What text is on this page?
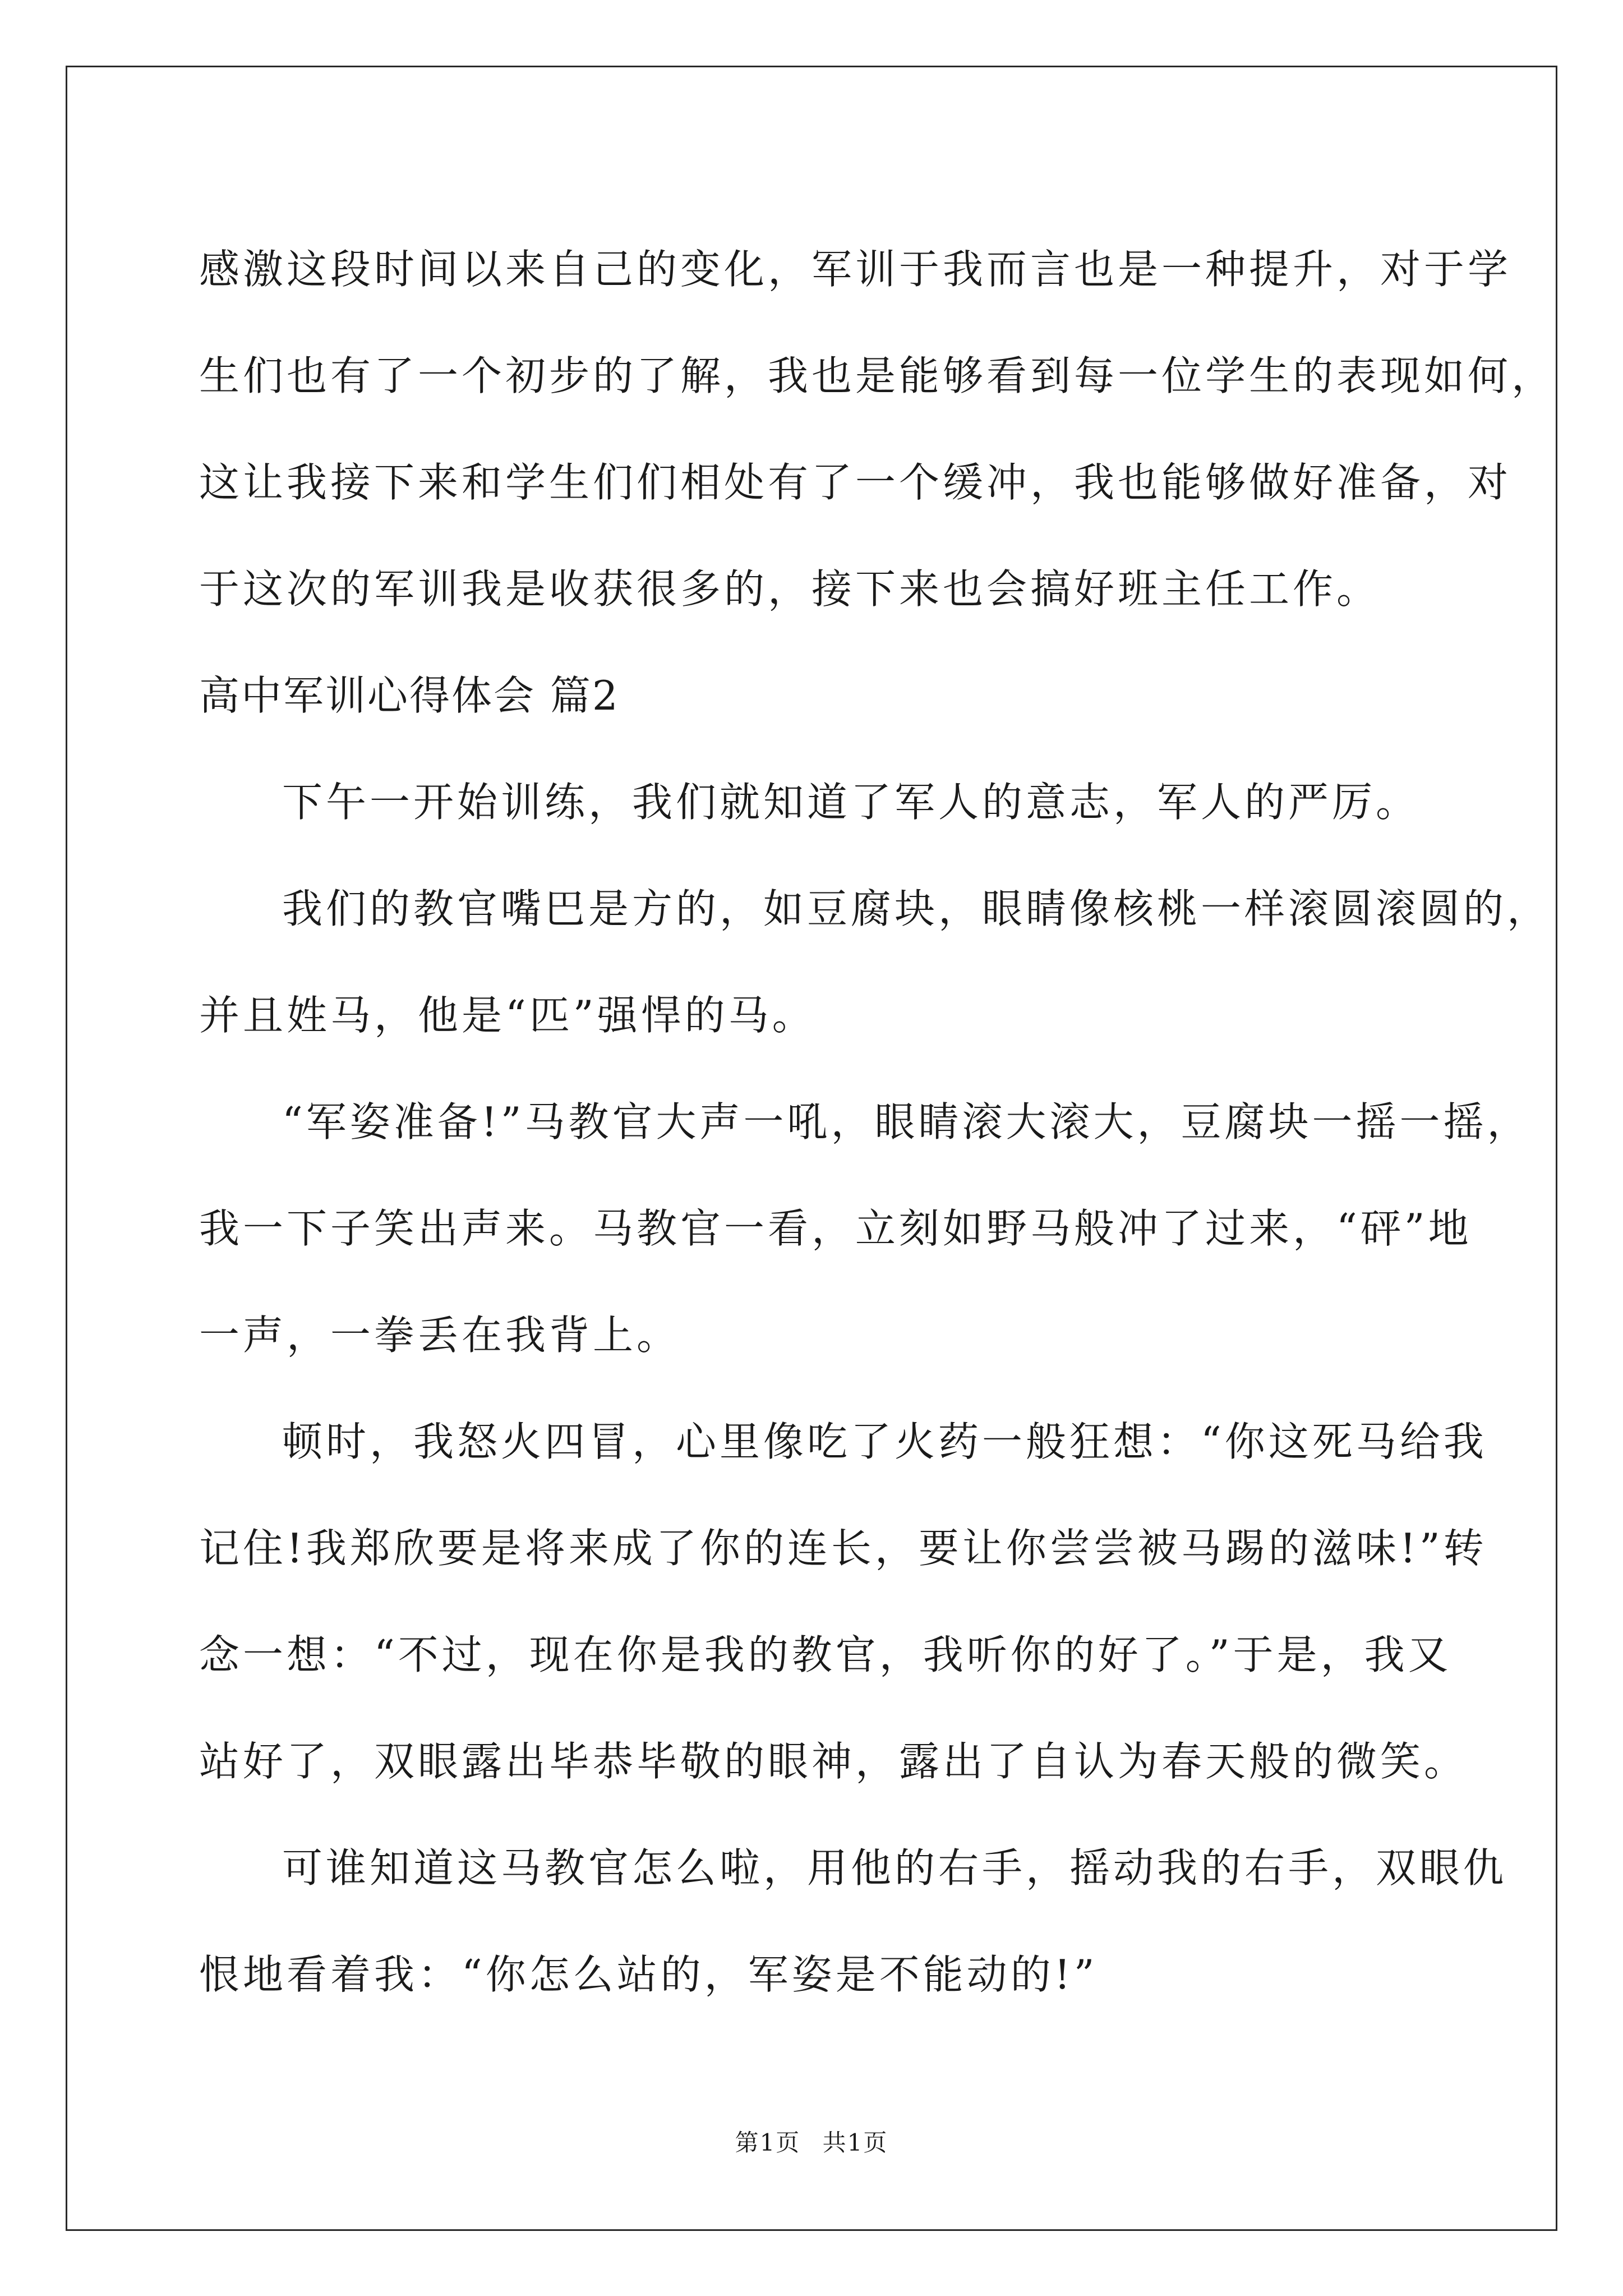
感激这段时间以来自己的变化，军训于我而言也是一种提升，对于学
生们也有了一个初步的了解，我也是能够看到每一位学生的表现如何，
这让我接下来和学生们们相处有了一个缓冲，我也能够做好准备，对
于这次的军训我是收获很多的，接下来也会搞好班主任工作。
高中军训心得体会 篇2
下午一开始训练，我们就知道了军人的意志，军人的严厉。
我们的教官嘴巴是方的，如豆腐块，眼睛像核桃一样滚圆滚圆的，
并且姓马，他是“匹”强悍的马。
“军姿准备!”马教官大声一吼，眼睛滚大滚大，豆腐块一摇一摇，
我一下子笑出声来。马教官一看，立刻如野马般冲了过来，“砰”地
一声，一拳丢在我背上。
顿时，我怒火四冒，心里像吃了火药一般狂想：“你这死马给我
记住!我郑欣要是将来成了你的连长，要让你尝尝被马踢的滋味!”转
念一想：“不过，现在你是我的教官，我听你的好了。”于是，我又
站好了，双眼露出毕恭毕敬的眼神，露出了自认为春天般的微笑。
可谁知道这马教官怎么啦，用他的右手，摇动我的右手，双眼仇
恨地看着我：“你怎么站的，军姿是不能动的!”
第1页 共1页
